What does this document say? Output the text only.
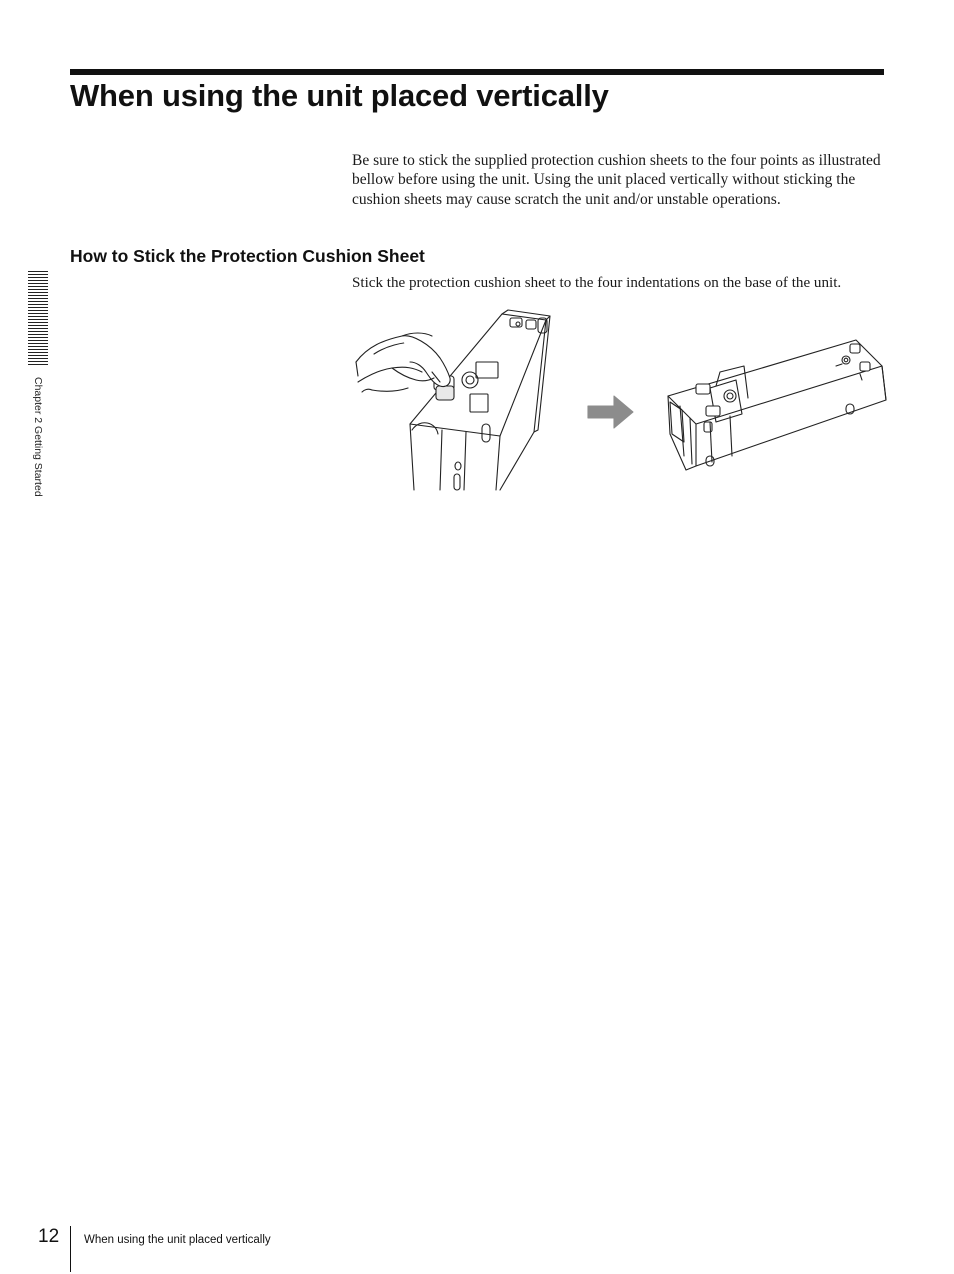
When using the unit placed vertically

Be sure to stick the supplied protection cushion sheets to the four points as illustrated bellow before using the unit. Using the unit placed vertically without sticking the cushion sheets may cause scratch the unit and/or unstable operations.

How to Stick the Protection Cushion Sheet

Stick the protection cushion sheet to the four indentations on the base of the unit.

Chapter 2 Getting Started
12 When using the unit placed vertically
